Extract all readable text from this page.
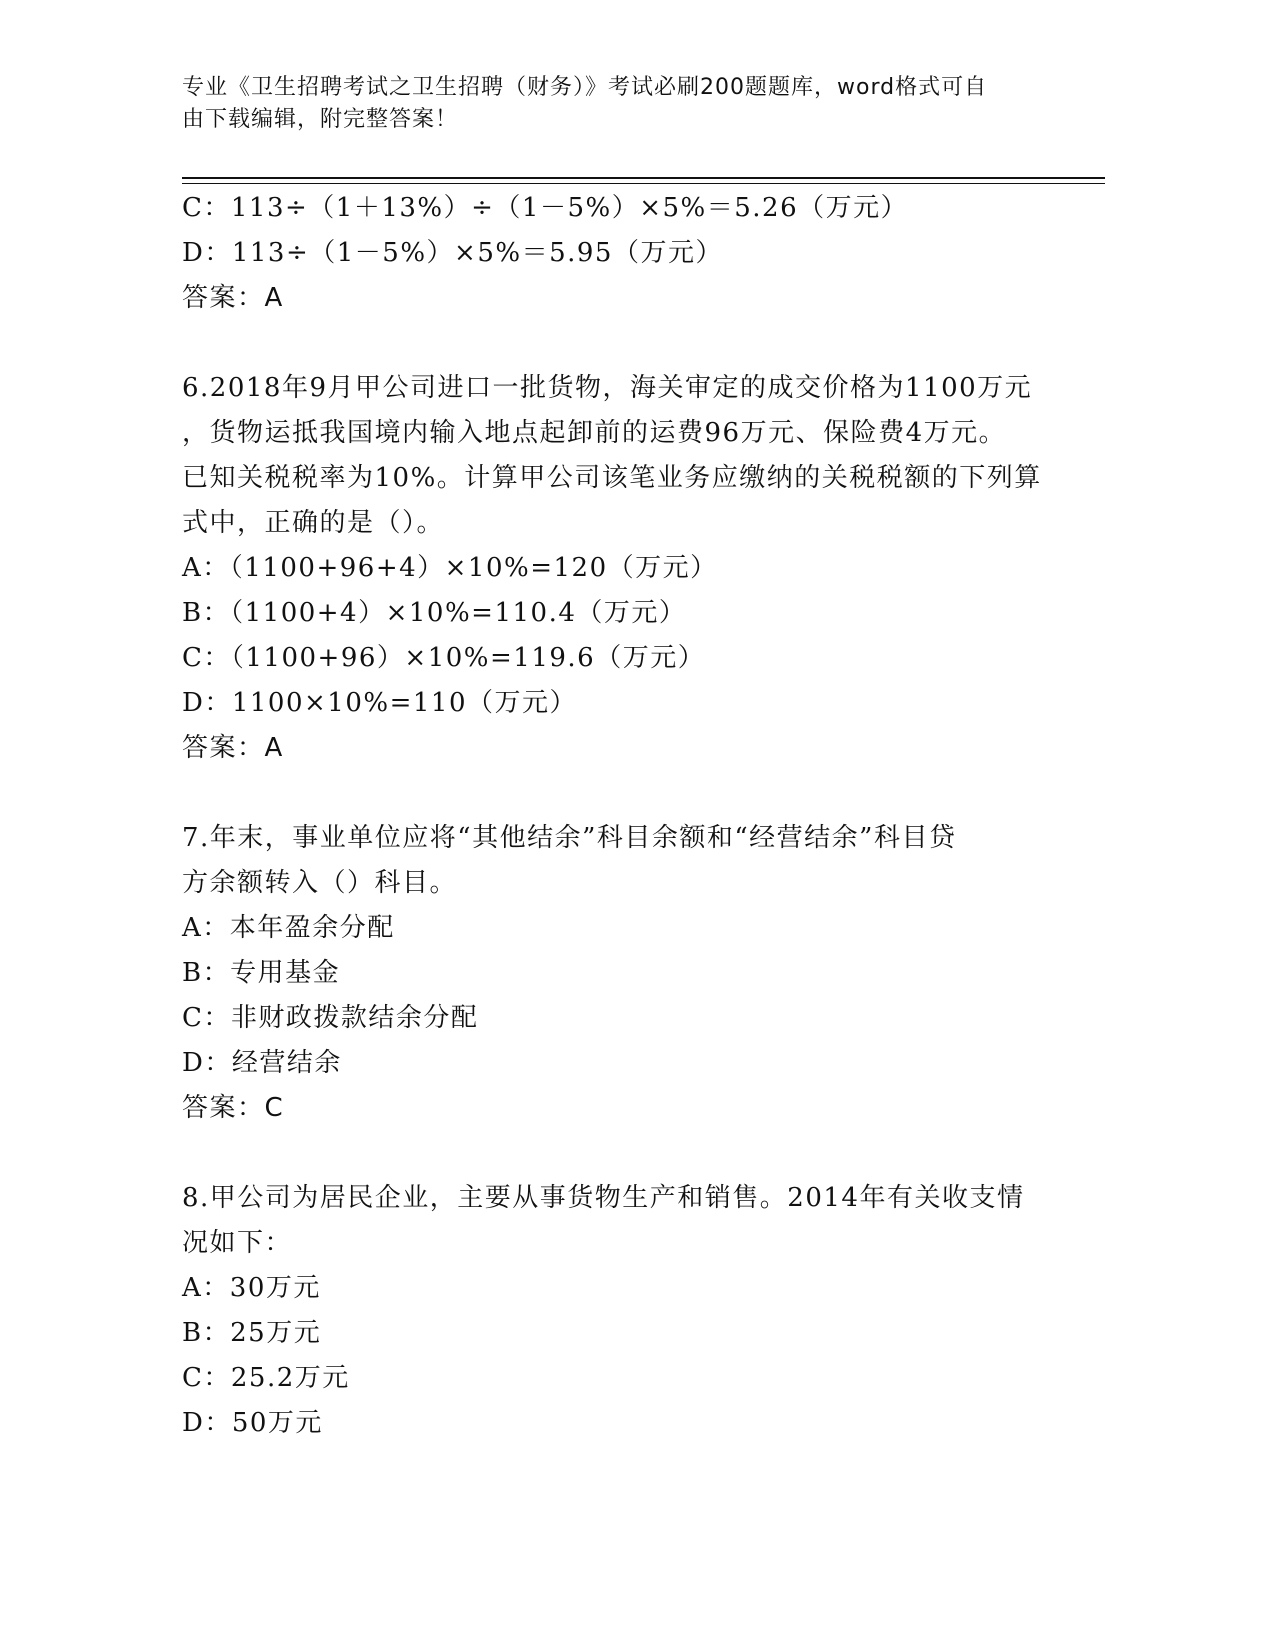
专业《卫生招聘考试之卫生招聘（财务）》考试必刷200题题库，word格式可自
由下载编辑，附完整答案！
C：113÷（1＋13%）÷（1－5%）×5%＝5.26（万元）
D：113÷（1－5%）×5%＝5.95（万元）
答案：A
6.2018年9月甲公司进口一批货物，海关审定的成交价格为1100万元
，货物运抵我国境内输入地点起卸前的运费96万元、保险费4万元。
已知关税税率为10%。计算甲公司该笔业务应缴纳的关税税额的下列算
式中，正确的是（）。
A：（1100+96+4）×10%=120（万元）
B：（1100+4）×10%=110.4（万元）
C：（1100+96）×10%=119.6（万元）
D：1100×10%=110（万元）
答案：A
7.年末，事业单位应将“其他结余”科目余额和“经营结余”科目贷
方余额转入（）科目。
A：本年盈余分配
B：专用基金
C：非财政拨款结余分配
D：经营结余
答案：C
8.甲公司为居民企业，主要从事货物生产和销售。2014年有关收支情
况如下：
A：30万元
B：25万元
C：25.2万元
D：50万元
